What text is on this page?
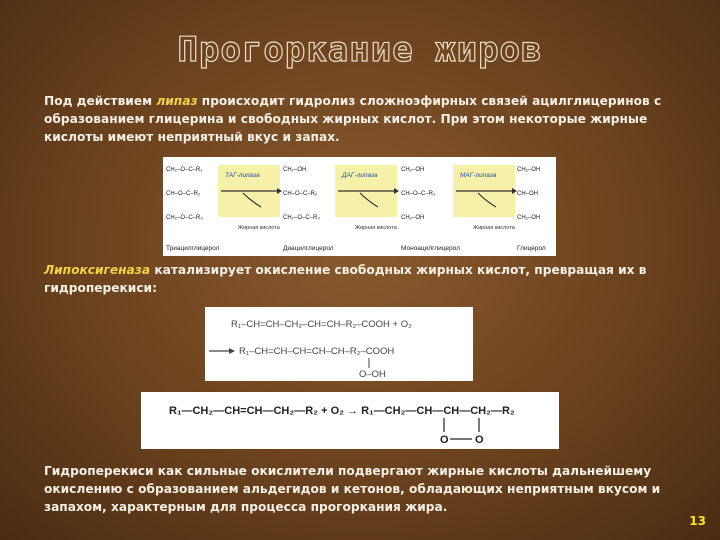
Прогоркание жиров
Под действием липаз происходит гидролиз сложноэфирных связей ацилглицеринов с образованием глицерина и свободных жирных кислот. При этом некоторые жирные кислоты имеют неприятный вкус и запах.
CH₂–O–C–R₁
CH–O–C–R₂
CH₂–O–C–R₃
CH₂–OH
CH–O–C–R₂
CH₂–O–C–R₃
CH₂–OH
CH–O–C–R₂
CH₂–OH
CH₂–OH
CH–OH
CH₂–OH
ТАГ-липаза	ДАГ-липаза	МАГ-липаза
Жирная кислота	Жирная кислота	Жирная кислота
Триацилглицерол	Диацилглицерол	Моноацилглицерол	Глицерол
Липоксигеназа катализирует окисление свободных жирных кислот, превращая их в гидроперекиси:
R₁–CH=CH–CH₂–CH=CH–R₂–COOH + O₂
R₁–CH=CH–CH=CH–CH–R₂–COOH
O–OH
R₁—CH₂—CH=CH—CH₂—R₂ + O₂ → R₁—CH₂—CH—CH—CH₂—R₂
O O
Гидроперекиси как сильные окислители подвергают жирные кислоты дальнейшему окислению с образованием альдегидов и кетонов, обладающих неприятным вкусом и запахом, характерным для процесса прогоркания жира.
13
